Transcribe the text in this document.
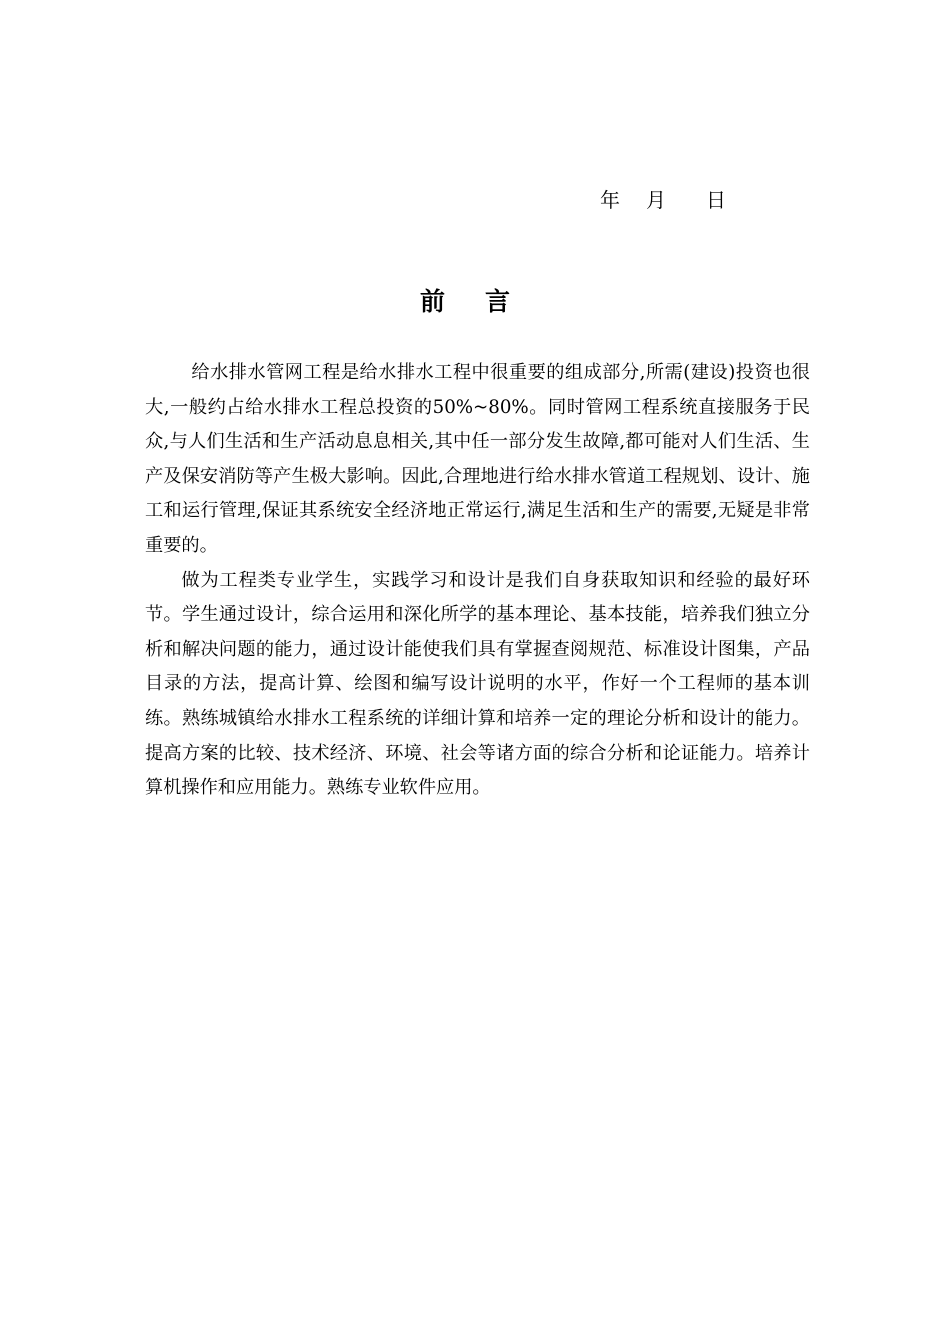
年 月 日
前言

给水排水管网工程是给水排水工程中很重要的组成部分,所需(建设)投资也很大,一般约占给水排水工程总投资的50%~80%。同时管网工程系统直接服务于民众,与人们生活和生产活动息息相关,其中任一部分发生故障,都可能对人们生活、生产及保安消防等产生极大影响。因此,合理地进行给水排水管道工程规划、设计、施工和运行管理,保证其系统安全经济地正常运行,满足生活和生产的需要,无疑是非常重要的。

做为工程类专业学生，实践学习和设计是我们自身获取知识和经验的最好环节。学生通过设计，综合运用和深化所学的基本理论、基本技能，培养我们独立分析和解决问题的能力，通过设计能使我们具有掌握查阅规范、标准设计图集，产品目录的方法，提高计算、绘图和编写设计说明的水平，作好一个工程师的基本训练。熟练城镇给水排水工程系统的详细计算和培养一定的理论分析和设计的能力。提高方案的比较、技术经济、环境、社会等诸方面的综合分析和论证能力。培养计算机操作和应用能力。熟练专业软件应用。
